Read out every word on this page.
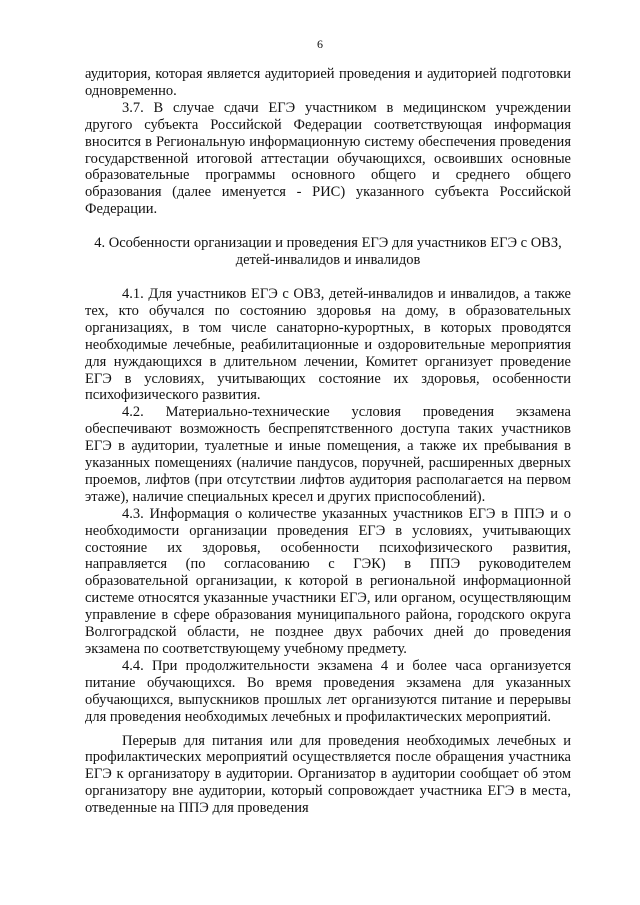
6

аудитория, которая является аудиторией проведения и аудиторией подготовки одновременно.

3.7. В случае сдачи ЕГЭ участником в медицинском учреждении другого субъекта Российской Федерации соответствующая информация вносится в Региональную информационную систему обеспечения проведения государственной итоговой аттестации обучающихся, освоивших основные образовательные программы основного общего и среднего общего образования (далее именуется - РИС) указанного субъекта Российской Федерации.

4. Особенности организации и проведения ЕГЭ для участников ЕГЭ с ОВЗ, детей-инвалидов и инвалидов

4.1. Для участников ЕГЭ с ОВЗ, детей-инвалидов и инвалидов, а также тех, кто обучался по состоянию здоровья на дому, в образовательных организациях, в том числе санаторно-курортных, в которых проводятся необходимые лечебные, реабилитационные и оздоровительные мероприятия для нуждающихся в длительном лечении, Комитет организует проведение ЕГЭ в условиях, учитывающих состояние их здоровья, особенности психофизического развития.

4.2. Материально-технические условия проведения экзамена обеспечивают возможность беспрепятственного доступа таких участников ЕГЭ в аудитории, туалетные и иные помещения, а также их пребывания в указанных помещениях (наличие пандусов, поручней, расширенных дверных проемов, лифтов (при отсутствии лифтов аудитория располагается на первом этаже), наличие специальных кресел и других приспособлений).

4.3. Информация о количестве указанных участников ЕГЭ в ППЭ и о необходимости организации проведения ЕГЭ в условиях, учитывающих состояние их здоровья, особенности психофизического развития, направляется (по согласованию с ГЭК) в ППЭ руководителем образовательной организации, к которой в региональной информационной системе относятся указанные участники ЕГЭ, или органом, осуществляющим управление в сфере образования муниципального района, городского округа Волгоградской области, не позднее двух рабочих дней до проведения экзамена по соответствующему учебному предмету.

4.4. При продолжительности экзамена 4 и более часа организуется питание обучающихся. Во время проведения экзамена для указанных обучающихся, выпускников прошлых лет организуются питание и перерывы для проведения необходимых лечебных и профилактических мероприятий.

Перерыв для питания или для проведения необходимых лечебных и профилактических мероприятий осуществляется после обращения участника ЕГЭ к организатору в аудитории. Организатор в аудитории сообщает об этом организатору вне аудитории, который сопровождает участника ЕГЭ в места, отведенные на ППЭ для проведения
